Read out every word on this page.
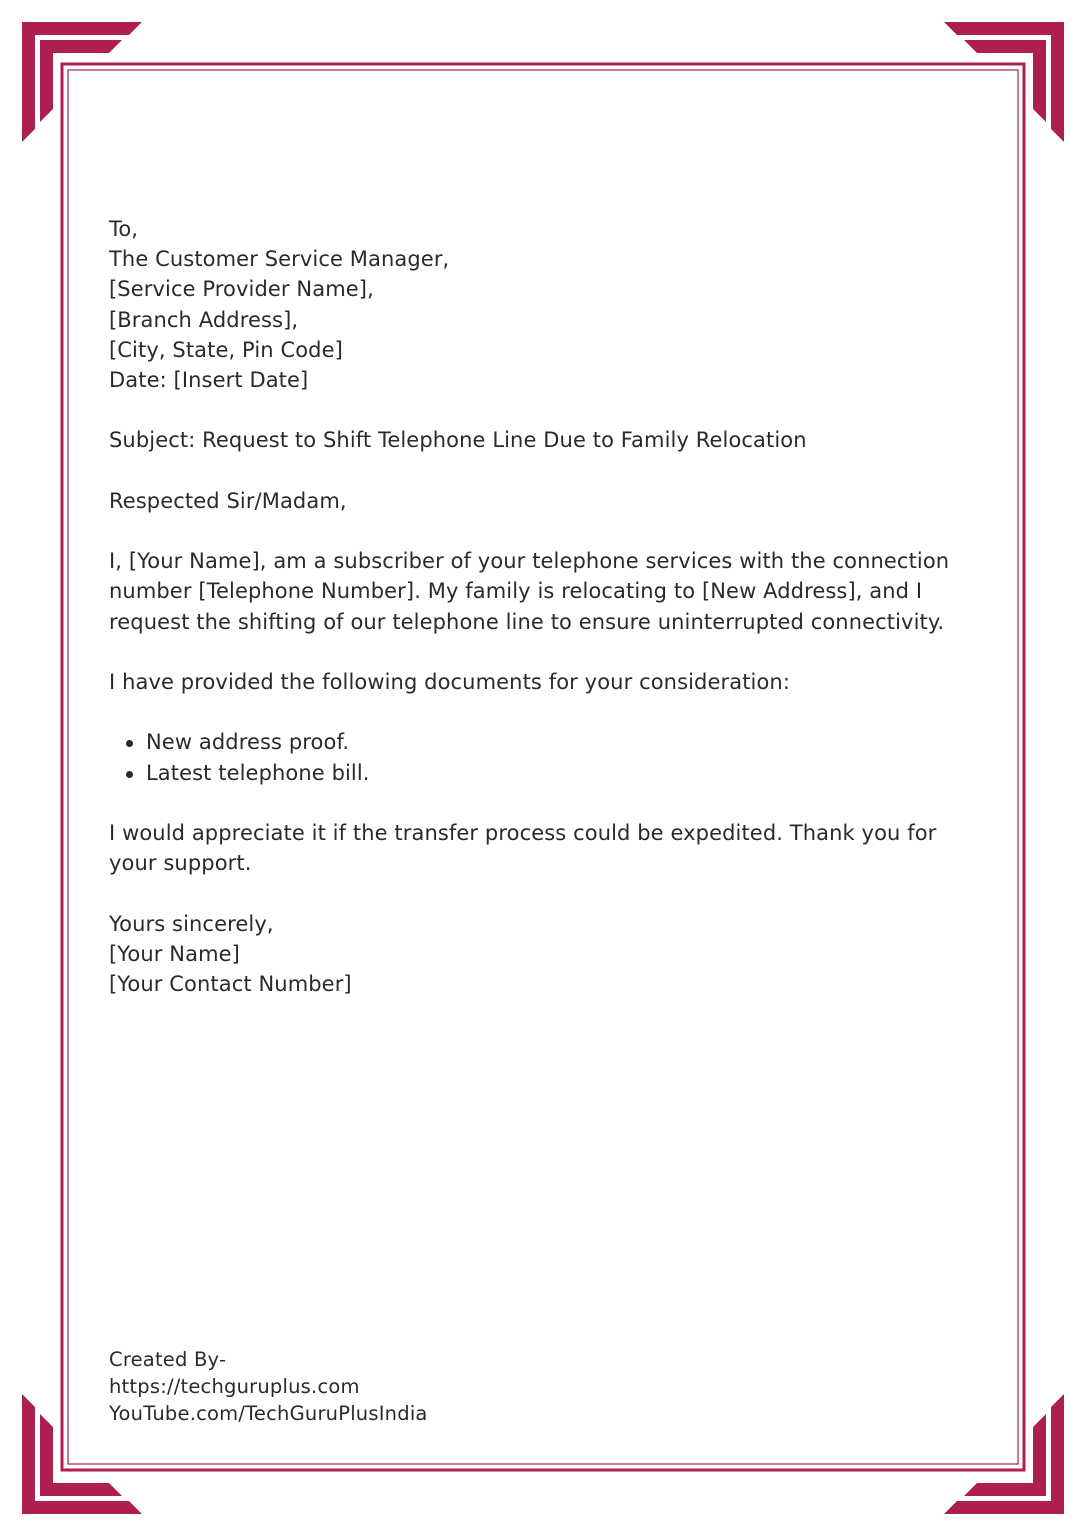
To,

The Customer Service Manager,

[Service Provider Name],

[Branch Address],

[City, State, Pin Code]

Date: [Insert Date]

Subject: Request to Shift Telephone Line Due to Family Relocation

Respected Sir/Madam,

I, [Your Name], am a subscriber of your telephone services with the connection number [Telephone Number]. My family is relocating to [New Address], and I request the shifting of our telephone line to ensure uninterrupted connectivity.

I have provided the following documents for your consideration:

New address proof.
Latest telephone bill.

I would appreciate it if the transfer process could be expedited. Thank you for your support.

Yours sincerely,

[Your Name]

[Your Contact Number]

Created By-

https://techguruplus.com

YouTube.com/TechGuruPlusIndia
